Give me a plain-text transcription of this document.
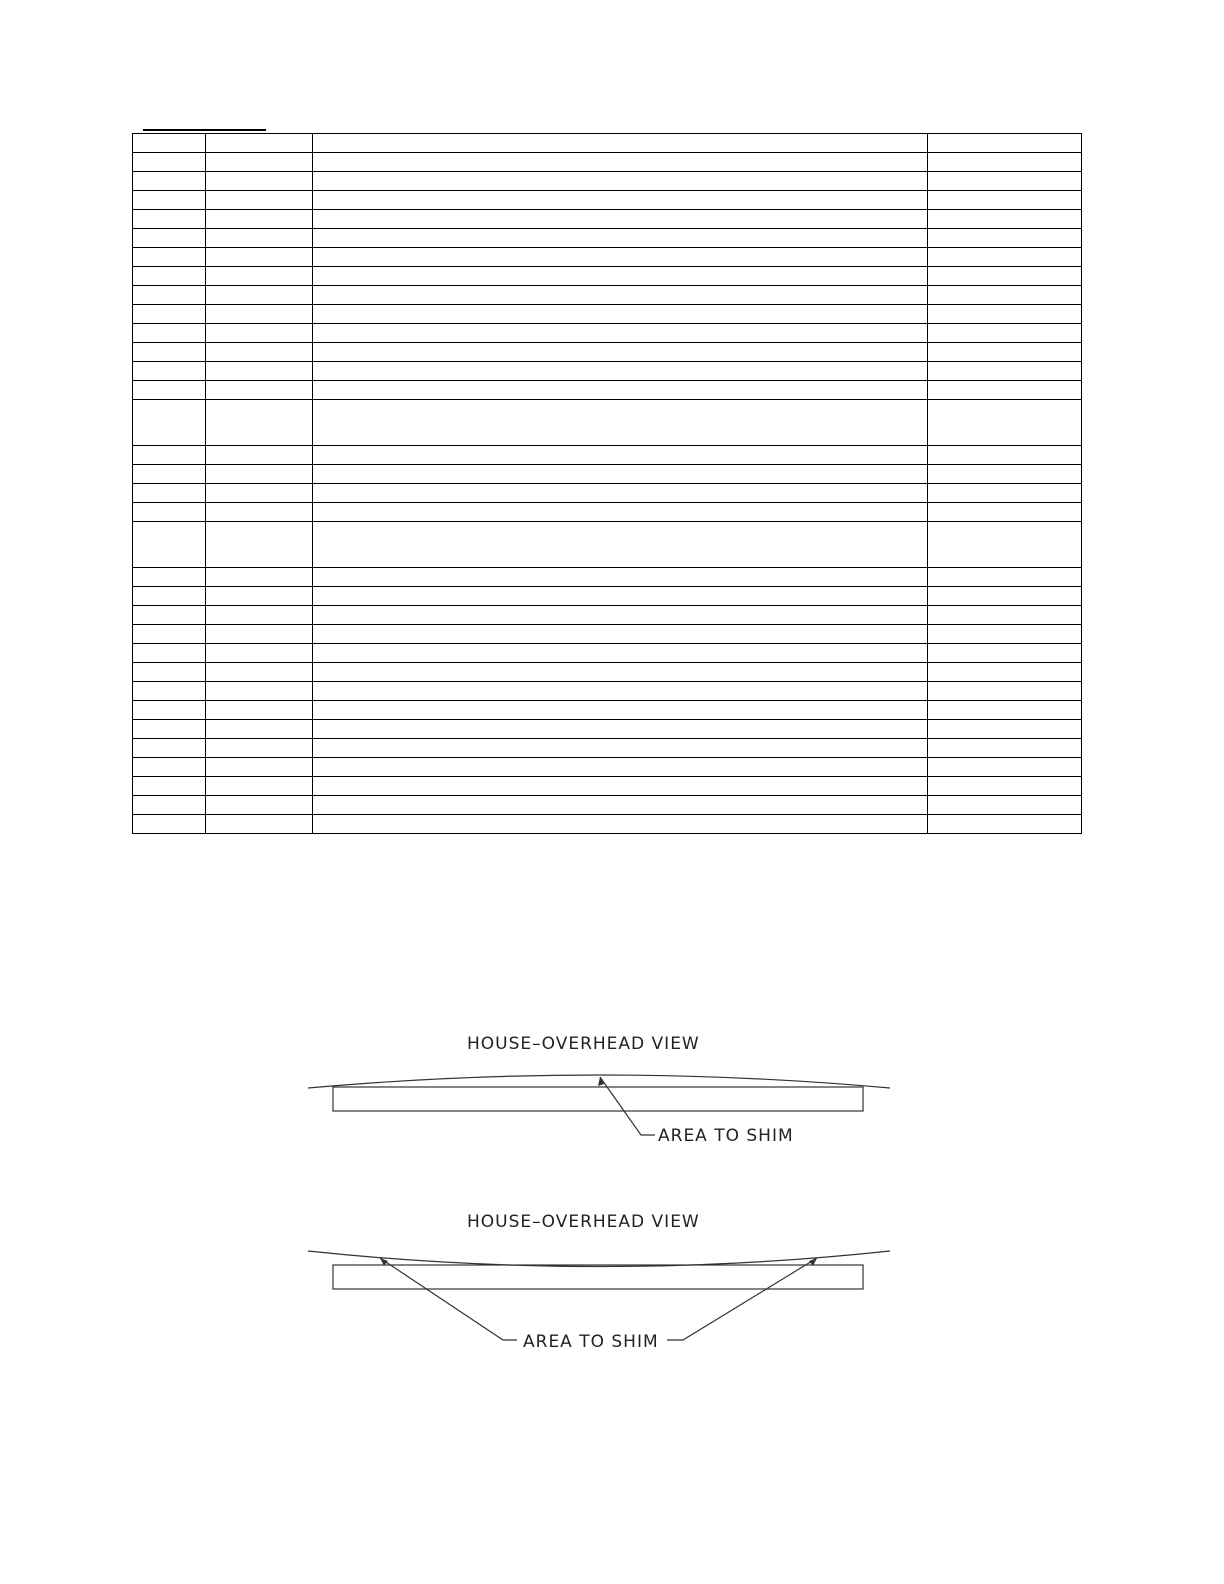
HOUSE–OVERHEAD VIEW
AREA TO SHIM
HOUSE–OVERHEAD VIEW
AREA TO SHIM
